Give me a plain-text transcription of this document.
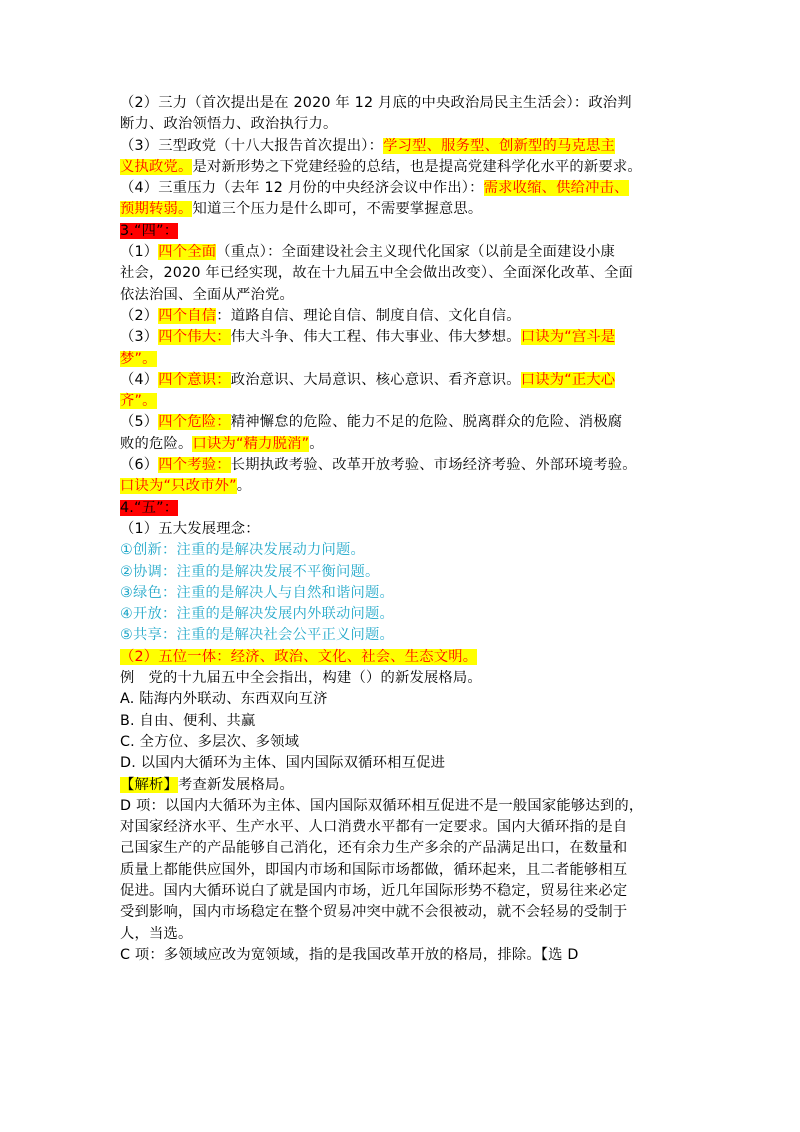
（2）三力（首次提出是在 2020 年 12 月底的中央政治局民主生活会）：政治判
断力、政治领悟力、政治执行力。
（3）三型政党（十八大报告首次提出）：学习型、服务型、创新型的马克思主
义执政党。是对新形势之下党建经验的总结，也是提高党建科学化水平的新要求。
（4）三重压力（去年 12 月份的中央经济会议中作出）：需求收缩、供给冲击、
预期转弱。知道三个压力是什么即可，不需要掌握意思。
3.“四”：
（1）四个全面（重点）：全面建设社会主义现代化国家（以前是全面建设小康
社会，2020 年已经实现，故在十九届五中全会做出改变）、全面深化改革、全面
依法治国、全面从严治党。
（2）四个自信：道路自信、理论自信、制度自信、文化自信。
（3）四个伟大：伟大斗争、伟大工程、伟大事业、伟大梦想。口诀为“宫斗是
梦”。
（4）四个意识：政治意识、大局意识、核心意识、看齐意识。口诀为“正大心
齐”。
（5）四个危险：精神懈怠的危险、能力不足的危险、脱离群众的危险、消极腐
败的危险。口诀为“精力脱消”。
（6）四个考验：长期执政考验、改革开放考验、市场经济考验、外部环境考验。
口诀为“只改市外”。
4.“五”：
（1）五大发展理念：
①创新：注重的是解决发展动力问题。
②协调：注重的是解决发展不平衡问题。
③绿色：注重的是解决人与自然和谐问题。
④开放：注重的是解决发展内外联动问题。
⑤共享：注重的是解决社会公平正义问题。
（2）五位一体：经济、政治、文化、社会、生态文明。
例 党的十九届五中全会指出，构建（）的新发展格局。
A. 陆海内外联动、东西双向互济
B. 自由、便利、共赢
C. 全方位、多层次、多领域
D. 以国内大循环为主体、国内国际双循环相互促进
【解析】考查新发展格局。
D 项：以国内大循环为主体、国内国际双循环相互促进不是一般国家能够达到的，
对国家经济水平、生产水平、人口消费水平都有一定要求。国内大循环指的是自
己国家生产的产品能够自己消化，还有余力生产多余的产品满足出口，在数量和
质量上都能供应国外，即国内市场和国际市场都做，循环起来，且二者能够相互
促进。国内大循环说白了就是国内市场，近几年国际形势不稳定，贸易往来必定
受到影响，国内市场稳定在整个贸易冲突中就不会很被动，就不会轻易的受制于
人，当选。
C 项：多领域应改为宽领域，指的是我国改革开放的格局，排除。【选 D
